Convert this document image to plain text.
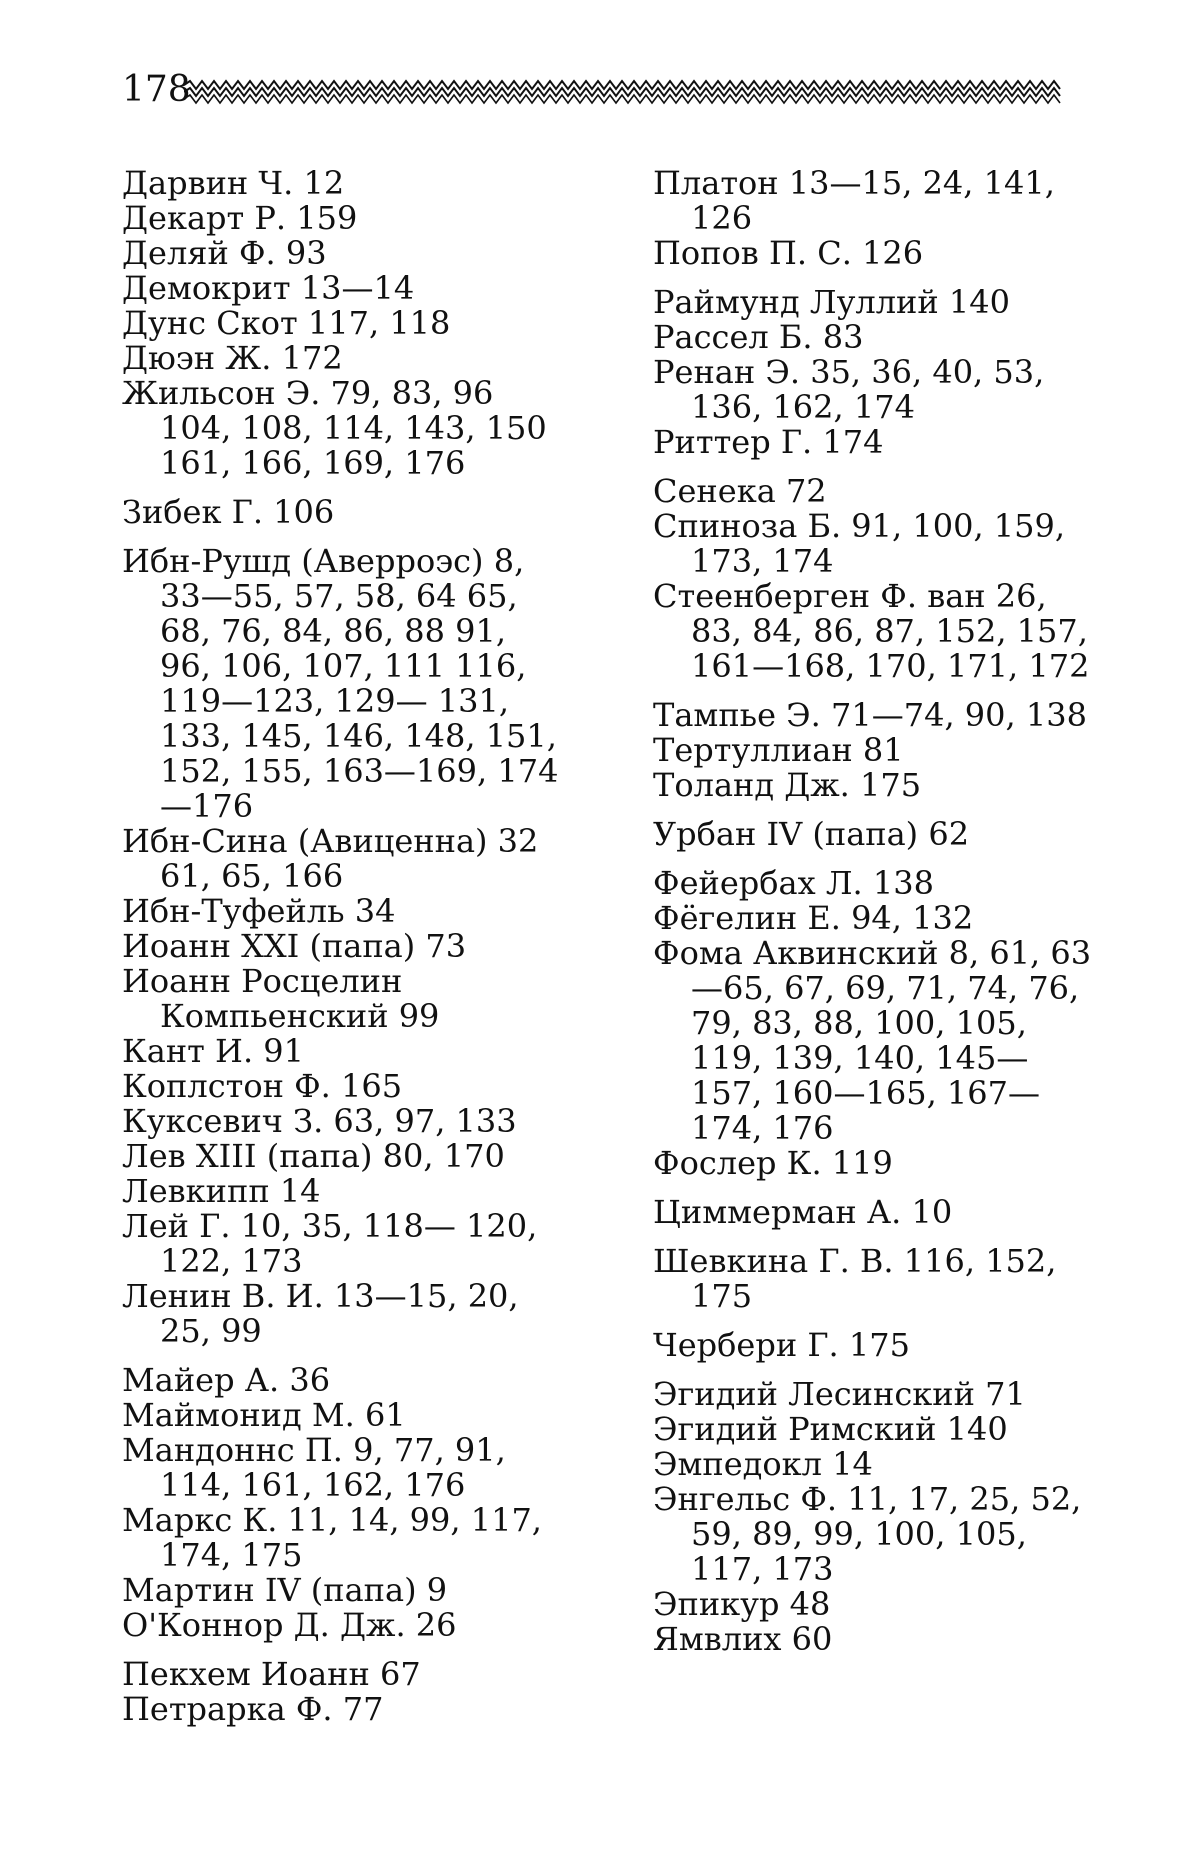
178

Дарвин Ч. 12

Декарт Р. 159

Деляй Ф. 93

Демокрит 13—14

Дунс Скот 117, 118

Дюэн Ж. 172

Жильсон Э. 79, 83, 96 104, 108, 114, 143, 150 161, 166, 169, 176

Зибек Г. 106

Ибн-Рушд (Аверроэс) 8, 33—55, 57, 58, 64 65, 68, 76, 84, 86, 88 91, 96, 106, 107, 111 116, 119—123, 129— 131, 133, 145, 146, 148, 151, 152, 155, 163—169, 174—176

Ибн-Сина (Авиценна) 32 61, 65, 166

Ибн-Туфейль 34

Иоанн XXI (папа) 73

Иоанн Росцелин Компьенский 99

Кант И. 91

Коплстон Ф. 165

Куксевич З. 63, 97, 133

Лев XIII (папа) 80, 170

Левкипп 14

Лей Г. 10, 35, 118— 120, 122, 173

Ленин В. И. 13—15, 20, 25, 99

Майер А. 36

Маймонид М. 61

Мандоннс П. 9, 77, 91, 114, 161, 162, 176

Маркс К. 11, 14, 99, 117, 174, 175

Мартин IV (папа) 9

О'Коннор Д. Дж. 26

Пекхем Иоанн 67

Петрарка Ф. 77

Платон 13—15, 24, 141, 126

Попов П. С. 126

Раймунд Луллий 140

Рассел Б. 83

Ренан Э. 35, 36, 40, 53, 136, 162, 174

Риттер Г. 174

Сенека 72

Спиноза Б. 91, 100, 159, 173, 174

Стеенберген Ф. ван 26, 83, 84, 86, 87, 152, 157, 161—168, 170, 171, 172

Тампье Э. 71—74, 90, 138

Тертуллиан 81

Толанд Дж. 175

Урбан IV (папа) 62

Фейербах Л. 138

Фёгелин Е. 94, 132

Фома Аквинский 8, 61, 63—65, 67, 69, 71, 74, 76, 79, 83, 88, 100, 105, 119, 139, 140, 145—157, 160—165, 167—174, 176

Фослер К. 119

Циммерман А. 10

Шевкина Г. В. 116, 152, 175

Чербери Г. 175

Эгидий Лесинский 71

Эгидий Римский 140

Эмпедокл 14

Энгельс Ф. 11, 17, 25, 52, 59, 89, 99, 100, 105, 117, 173

Эпикур 48

Ямвлих 60
